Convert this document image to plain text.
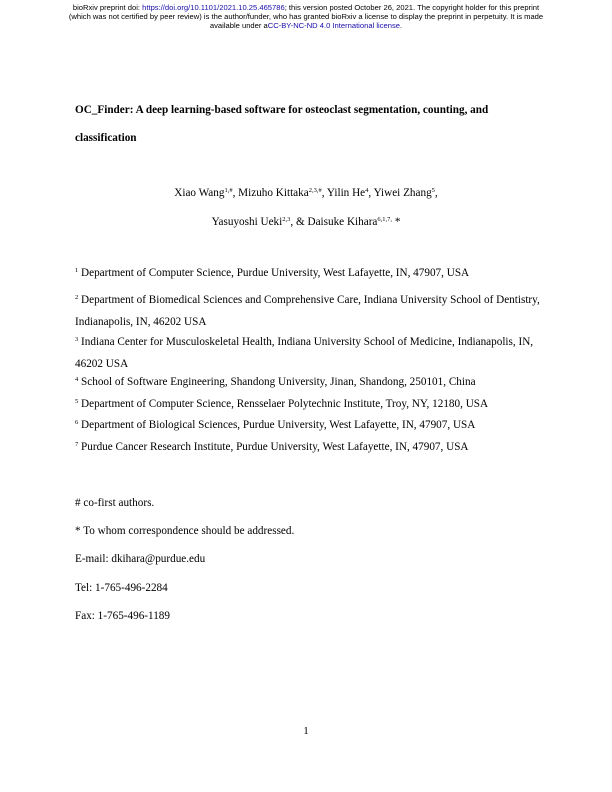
bioRxiv preprint doi: https://doi.org/10.1101/2021.10.25.465786; this version posted October 26, 2021. The copyright holder for this preprint
(which was not certified by peer review) is the author/funder, who has granted bioRxiv a license to display the preprint in perpetuity. It is made
available under aCC-BY-NC-ND 4.0 International license.
OC_Finder: A deep learning-based software for osteoclast segmentation, counting, and
classification
Xiao Wang$^{1,\#}$, Mizuho Kittaka$^{2,3,\#}$, Yilin He$^4$, Yiwei Zhang$^5$,
Yasuyoshi Ueki$^{2,3}$, & Daisuke Kihara$^{6,1,7,}$ *
$^1$ Department of Computer Science, Purdue University, West Lafayette, IN, 47907, USA
$^2$ Department of Biomedical Sciences and Comprehensive Care, Indiana University School of Dentistry, Indianapolis, IN, 46202 USA
$^3$ Indiana Center for Musculoskeletal Health, Indiana University School of Medicine, Indianapolis, IN, 46202 USA
$^4$ School of Software Engineering, Shandong University, Jinan, Shandong, 250101, China
$^5$ Department of Computer Science, Rensselaer Polytechnic Institute, Troy, NY, 12180, USA
$^6$ Department of Biological Sciences, Purdue University, West Lafayette, IN, 47907, USA
$^7$ Purdue Cancer Research Institute, Purdue University, West Lafayette, IN, 47907, USA
# co-first authors.
* To whom correspondence should be addressed.
E-mail: dkihara@purdue.edu
Tel: 1-765-496-2284
Fax: 1-765-496-1189
1
